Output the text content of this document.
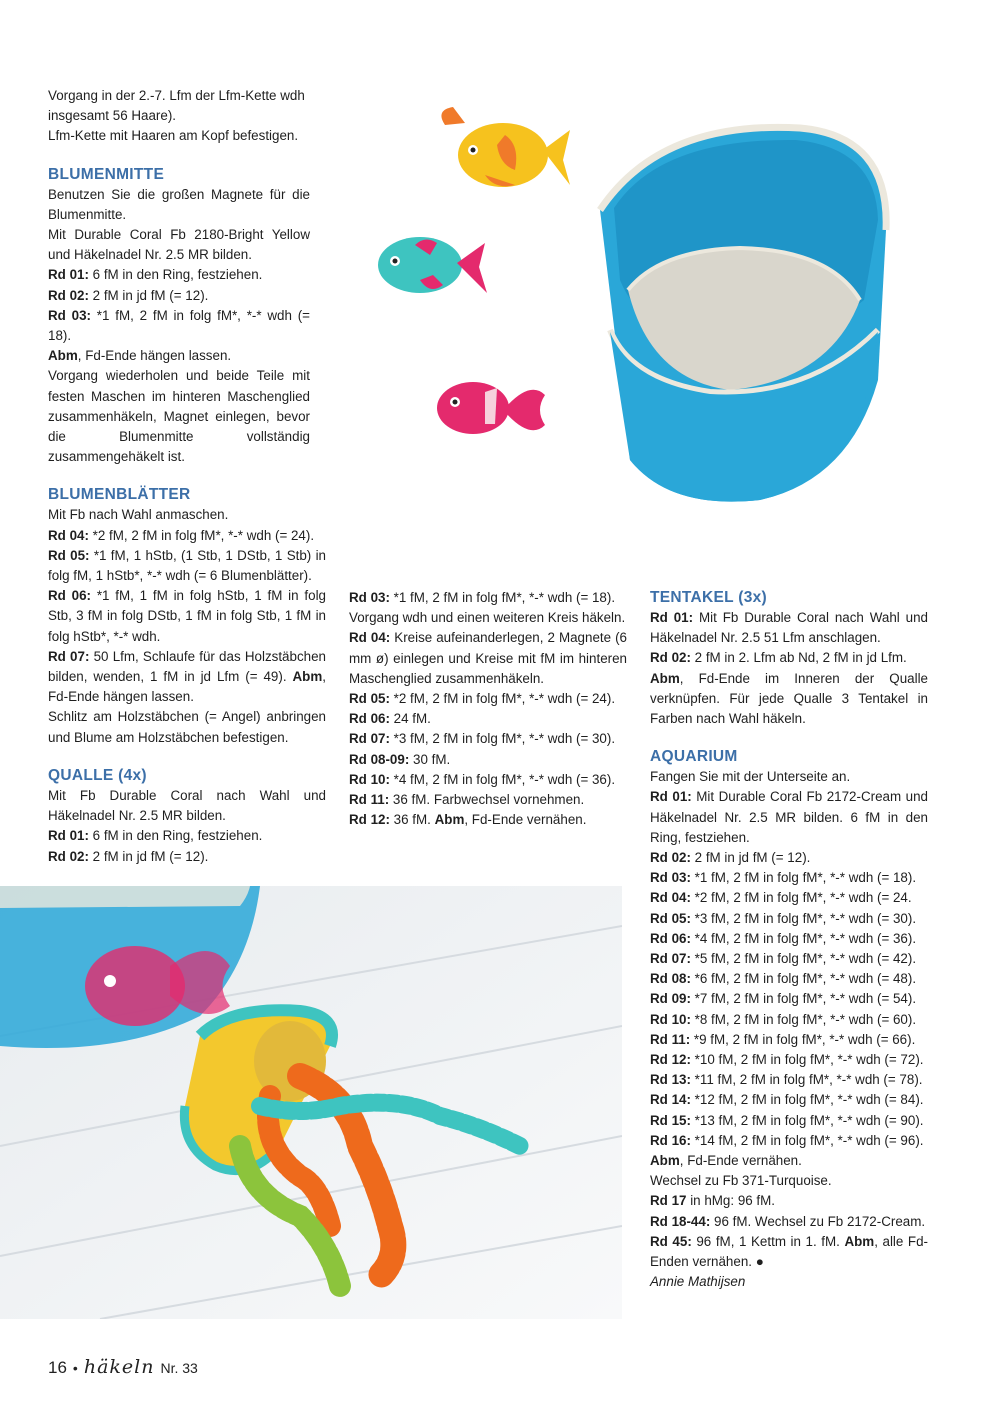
Vorgang in der 2.-7. Lfm der Lfm-Kette wdh

insgesamt 56 Haare).

Lfm-Kette mit Haaren am Kopf befestigen.

BLUMENMITTE

Benutzen Sie die großen Magnete für die Blumenmitte.

Mit Durable Coral Fb 2180-Bright Yellow und Häkelnadel Nr. 2.5 MR bilden.

Rd 01: 6 fM in den Ring, festziehen.

Rd 02: 2 fM in jd fM (= 12).

Rd 03: *1 fM, 2 fM in folg fM*, *-* wdh (= 18).

Abm, Fd-Ende hängen lassen.

Vorgang wiederholen und beide Teile mit festen Maschen im hinteren Maschenglied zusammenhäkeln, Magnet einlegen, bevor die Blumenmitte vollständig zusammengehäkelt ist.

BLUMENBLÄTTER

Mit Fb nach Wahl anmaschen.

Rd 04: *2 fM, 2 fM in folg fM*, *-* wdh (= 24).

Rd 05: *1 fM, 1 hStb, (1 Stb, 1 DStb, 1 Stb) in folg fM, 1 hStb*, *-* wdh (= 6 Blumenblätter).

Rd 06: *1 fM, 1 fM in folg hStb, 1 fM in folg Stb, 3 fM in folg DStb, 1 fM in folg Stb, 1 fM in folg hStb*, *-* wdh.

Rd 07: 50 Lfm, Schlaufe für das Holzstäbchen bilden, wenden, 1 fM in jd Lfm (= 49). Abm, Fd-Ende hängen lassen.

Schlitz am Holzstäbchen (= Angel) anbringen und Blume am Holzstäbchen befestigen.

QUALLE (4x)

Mit Fb Durable Coral nach Wahl und Häkelnadel Nr. 2.5 MR bilden.

Rd 01: 6 fM in den Ring, festziehen.

Rd 02: 2 fM in jd fM (= 12).

Rd 03: *1 fM, 2 fM in folg fM*, *-* wdh (= 18).

Vorgang wdh und einen weiteren Kreis häkeln.

Rd 04: Kreise aufeinanderlegen, 2 Magnete (6 mm ø) einlegen und Kreise mit fM im hinteren Maschenglied zusammenhäkeln.

Rd 05: *2 fM, 2 fM in folg fM*, *-* wdh (= 24).

Rd 06: 24 fM.

Rd 07: *3 fM, 2 fM in folg fM*, *-* wdh (= 30).

Rd 08-09: 30 fM.

Rd 10: *4 fM, 2 fM in folg fM*, *-* wdh (= 36).

Rd 11: 36 fM. Farbwechsel vornehmen.

Rd 12: 36 fM. Abm, Fd-Ende vernähen.

TENTAKEL (3x)

Rd 01: Mit Fb Durable Coral nach Wahl und Häkelnadel Nr. 2.5 51 Lfm anschlagen.

Rd 02: 2 fM in 2. Lfm ab Nd, 2 fM in jd Lfm.

Abm, Fd-Ende im Inneren der Qualle verknüpfen. Für jede Qualle 3 Tentakel in Farben nach Wahl häkeln.

AQUARIUM

Fangen Sie mit der Unterseite an.

Rd 01: Mit Durable Coral Fb 2172-Cream und Häkelnadel Nr. 2.5 MR bilden. 6 fM in den Ring, festziehen.

Rd 02: 2 fM in jd fM (= 12).

Rd 03: *1 fM, 2 fM in folg fM*, *-* wdh (= 18).

Rd 04: *2 fM, 2 fM in folg fM*, *-* wdh (= 24.

Rd 05: *3 fM, 2 fM in folg fM*, *-* wdh (= 30).

Rd 06: *4 fM, 2 fM in folg fM*, *-* wdh (= 36).

Rd 07: *5 fM, 2 fM in folg fM*, *-* wdh (= 42).

Rd 08: *6 fM, 2 fM in folg fM*, *-* wdh (= 48).

Rd 09: *7 fM, 2 fM in folg fM*, *-* wdh (= 54).

Rd 10: *8 fM, 2 fM in folg fM*, *-* wdh (= 60).

Rd 11: *9 fM, 2 fM in folg fM*, *-* wdh (= 66).

Rd 12: *10 fM, 2 fM in folg fM*, *-* wdh (= 72).

Rd 13: *11 fM, 2 fM in folg fM*, *-* wdh (= 78).

Rd 14: *12 fM, 2 fM in folg fM*, *-* wdh (= 84).

Rd 15: *13 fM, 2 fM in folg fM*, *-* wdh (= 90).

Rd 16: *14 fM, 2 fM in folg fM*, *-* wdh (= 96).

Abm, Fd-Ende vernähen.

Wechsel zu Fb 371-Turquoise.

Rd 17 in hMg: 96 fM.

Rd 18-44: 96 fM. Wechsel zu Fb 2172-Cream.

Rd 45: 96 fM, 1 Kettm in 1. fM. Abm, alle Fd-Enden vernähen. ●

Annie Mathijsen

16 • häkeln Nr. 33
